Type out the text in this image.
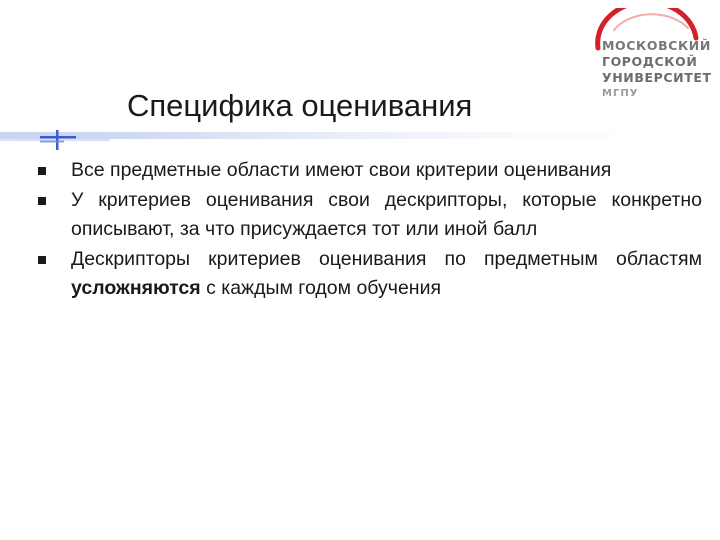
МОСКОВСКИЙ
ГОРОДСКОЙ
УНИВЕРСИТЕТ
МГПУ
Специфика оценивания
Все предметные области имеют свои критерии оценивания
У критериев оценивания свои дескрипторы, которые конкретно описывают, за что присуждается тот или иной балл
Дескрипторы критериев оценивания по предметным областям усложняются с каждым годом обучения
